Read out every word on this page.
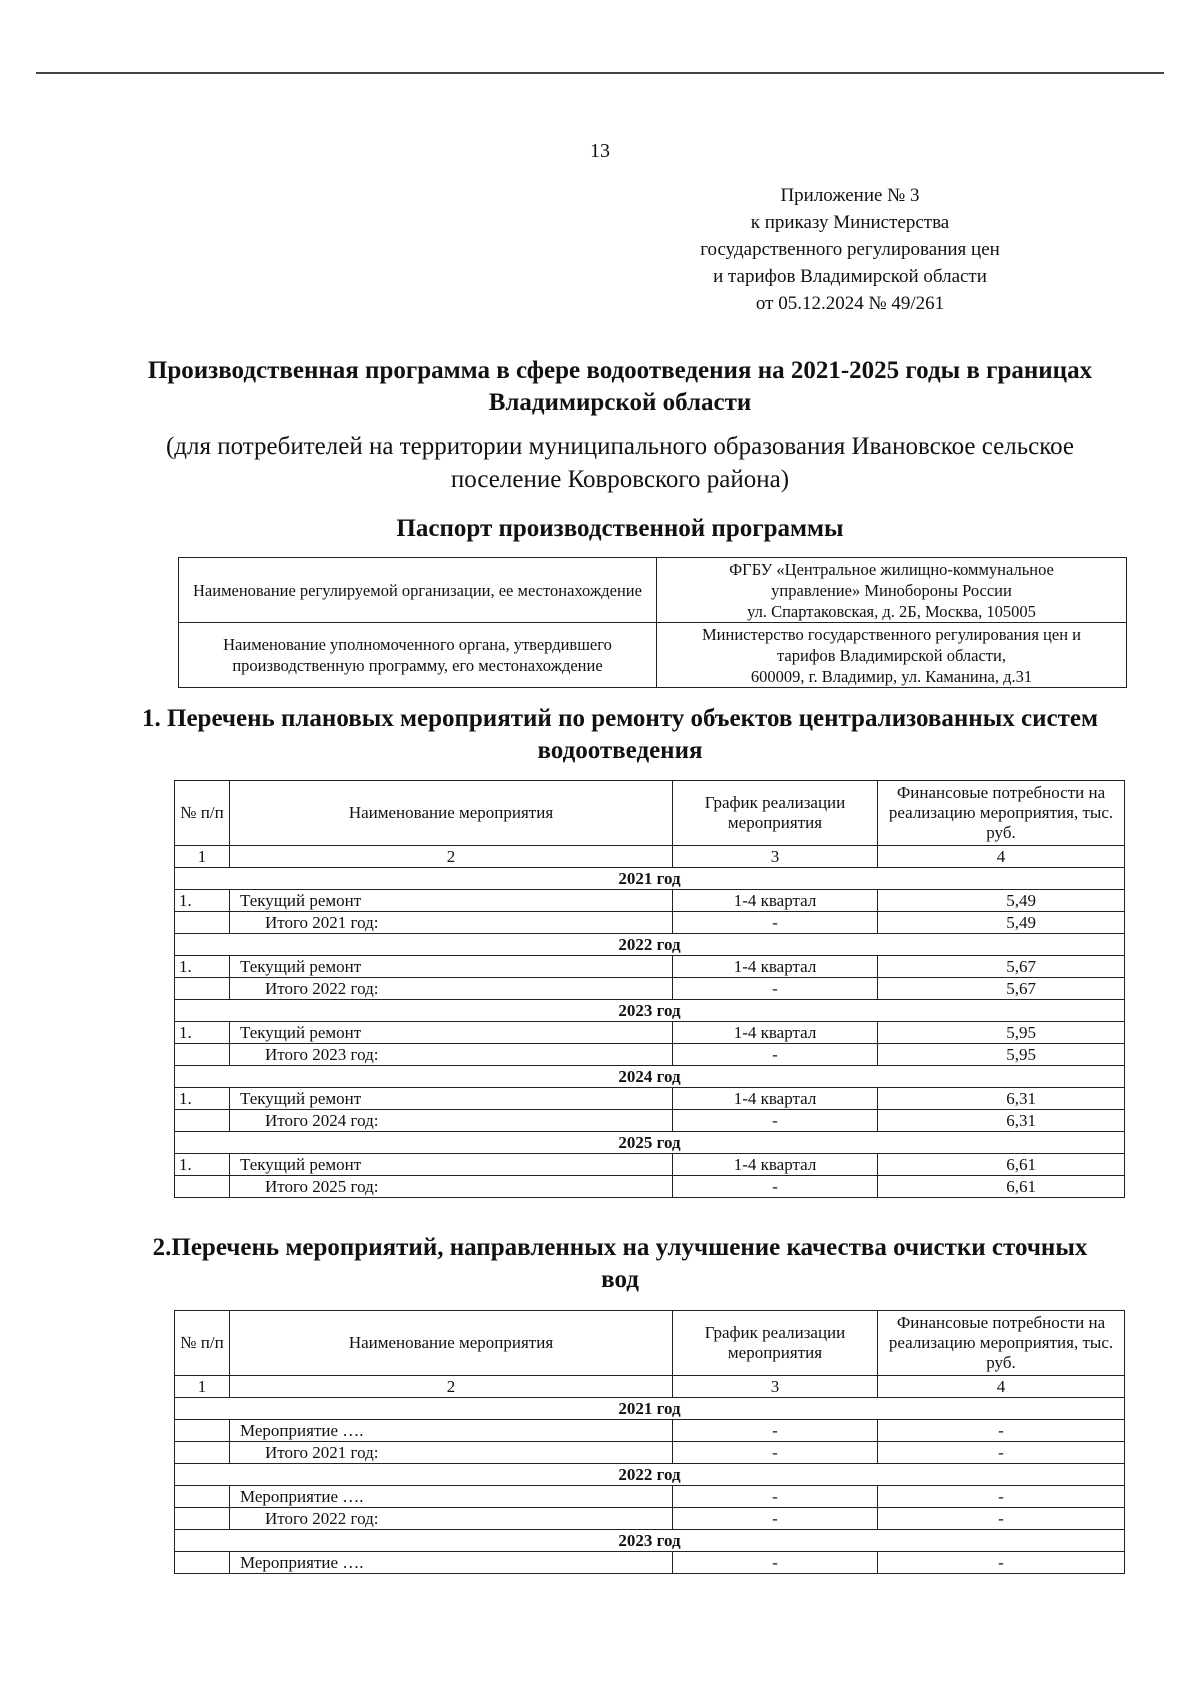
13
Приложение № 3
к приказу Министерства
государственного регулирования цен
и тарифов Владимирской области
от 05.12.2024 № 49/261
Производственная программа в сфере водоотведения на 2021-2025 годы в границах Владимирской области
(для потребителей на территории муниципального образования Ивановское сельское поселение Ковровского района)
Паспорт производственной программы
Наименование регулируемой организации, ее местонахождение	ФГБУ «Центральное жилищно-коммунальное
управление» Минобороны России
ул. Спартаковская, д. 2Б, Москва, 105005

Наименование уполномоченного органа, утвердившего производственную программу, его местонахождение	Министерство государственного регулирования цен и
тарифов Владимирской области,
600009, г. Владимир, ул. Каманина, д.31
1. Перечень плановых мероприятий по ремонту объектов централизованных систем водоотведения
№ п/п	Наименование мероприятия	График реализации мероприятия	Финансовые потребности на реализацию мероприятия, тыс. руб.
1	2	3	4
2021 год			
1.	Текущий ремонт	1-4 квартал	5,49
	Итого 2021 год:	-	5,49
2022 год			
1.	Текущий ремонт	1-4 квартал	5,67
	Итого 2022 год:	-	5,67
2023 год			
1.	Текущий ремонт	1-4 квартал	5,95
	Итого 2023 год:	-	5,95
2024 год			
1.	Текущий ремонт	1-4 квартал	6,31
	Итого 2024 год:	-	6,31
2025 год			
1.	Текущий ремонт	1-4 квартал	6,61
	Итого 2025 год:	-	6,61
2.Перечень мероприятий, направленных на улучшение качества очистки сточных вод
№ п/п	Наименование мероприятия	График реализации мероприятия	Финансовые потребности на реализацию мероприятия, тыс. руб.
1	2	3	4
2021 год			
	Мероприятие ….	-	-
	Итого 2021 год:	-	-
2022 год			
	Мероприятие ….	-	-
	Итого 2022 год:	-	-
2023 год			
	Мероприятие ….	-	-
